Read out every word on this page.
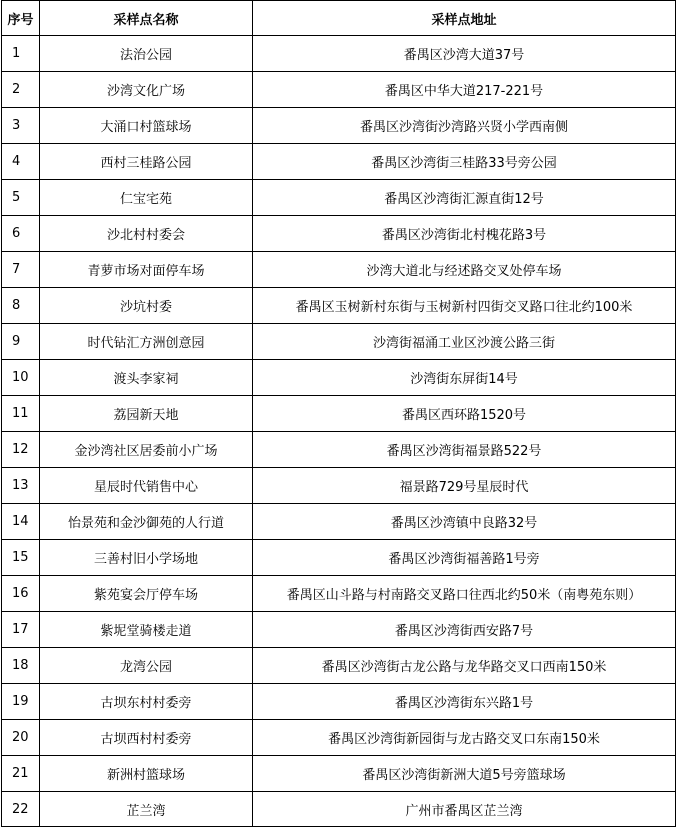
序号	采样点名称	采样点地址
1	法治公园	番禺区沙湾大道37号
2	沙湾文化广场	番禺区中华大道217-221号
3	大涌口村篮球场	番禺区沙湾街沙湾路兴贤小学西南侧
4	西村三桂路公园	番禺区沙湾街三桂路33号旁公园
5	仁宝宅苑	番禺区沙湾街汇源直街12号
6	沙北村村委会	番禺区沙湾街北村槐花路3号
7	青萝市场对面停车场	沙湾大道北与经述路交叉处停车场
8	沙坑村委	番禺区玉树新村东街与玉树新村四街交叉路口往北约100米
9	时代钻汇方洲创意园	沙湾街福涌工业区沙渡公路三街
10	渡头李家祠	沙湾街东屏街14号
11	荔园新天地	番禺区西环路1520号
12	金沙湾社区居委前小广场	番禺区沙湾街福景路522号
13	星辰时代销售中心	福景路729号星辰时代
14	怡景苑和金沙御苑的人行道	番禺区沙湾镇中良路32号
15	三善村旧小学场地	番禺区沙湾街福善路1号旁
16	紫苑宴会厅停车场	番禺区山斗路与村南路交叉路口往西北约50米（南粤苑东则）
17	紫坭堂骑楼走道	番禺区沙湾街西安路7号
18	龙湾公园	番禺区沙湾街古龙公路与龙华路交叉口西南150米
19	古坝东村村委旁	番禺区沙湾街东兴路1号
20	古坝西村村委旁	番禺区沙湾街新园街与龙古路交叉口东南150米
21	新洲村篮球场	番禺区沙湾街新洲大道5号旁篮球场
22	芷兰湾	广州市番禺区芷兰湾
